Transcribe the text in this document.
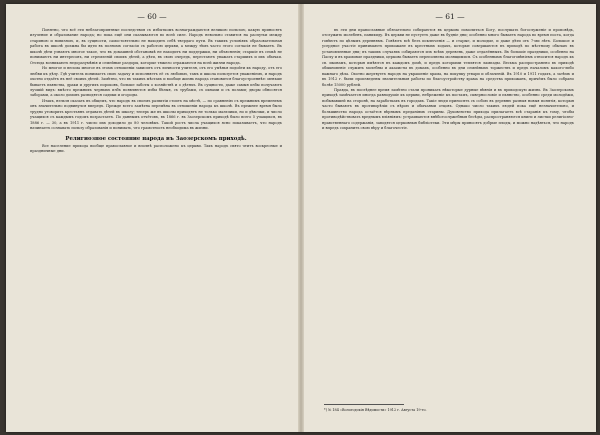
— 60 —

Понятно, что всё эти неблагоприятные последствия съ избыткомъ вознаграждаются великою пользою, какую приносятъ изучение и образование народа; но пока ещё они сказываются во всей силе. Народъ невольно ставится на распутьи между стариною и новизною, и, въ сущности, самостоятельно не находитъ себѣ твердаго пути. Въ такихъ условіяхъ образовательная работа въ школѣ должна бы идти въ полномъ согласіи съ работою церкви, а между тѣмъ часто этого согласія не бываетъ. Въ школѣ дѣти узнаютъ многое такое, что въ домашней обстановкѣ не находитъ ни поддержки, ни объясненія; старшіе въ семьѣ не понимаютъ ни интересовъ, ни стремленій своихъ дѣтей, а дѣти, въ свою очередь, перестаютъ уважать старшихъ и ихъ обычаи. Отсюда возникаютъ недоразумѣнія и семейные раздоры, которые тяжело отражаются на всей жизни народа.

Но многое и весьма многое въ этомъ отношеніи зависитъ отъ личности учителя, отъ его умѣнья подойти къ народу, отъ его любви къ дѣлу. Гдѣ учитель понимаетъ свою задачу и исполняетъ её съ любовью, тамъ и школа пользуется уваженіемъ, и народъ охотно отдаётъ въ неё своихъ дѣтей. Замѣтно, что въ такихъ мѣстахъ и вообще жизнь народа становится благоустроеннѣе: меньше бываетъ пьянства, драки и другихъ пороковъ, больше заботы о хозяйствѣ и о дѣтяхъ. Въ сущности, даже самыя избы получаютъ лучшій видъ: вмѣсто прежнихъ черныхъ избъ появляются избы бѣлыя, съ трубами, съ окнами и съ полами; дворы обносятся заборами, а около домовъ разводятся садики и огороды.

Итакъ, нельзя сказать въ общемъ, что народъ въ своемъ развитіи стоитъ на мѣстѣ, — по сравненію съ прежнимъ временемъ онъ значительно подвинулся впередъ. Прежде всего замѣтна перемѣна въ отношеніи народа къ школѣ. Въ прежнее время было трудно уговорить крестьянъ отдавать дѣтей въ школу; теперь же въ школы приходятъ не только мальчики, но и дѣвочки, и число учащихся съ каждымъ годомъ возрастаетъ. По даннымъ отчётовъ, въ 1866 г. въ Заозерскомъ приходѣ было всего 5 учащихся, въ 1886 г. — 30, а въ 1911 г. число ихъ доходило до 80 человѣкъ. Такой ростъ числа учащихся ясно показываетъ, что народъ начинаетъ сознавать пользу образованія и понимать, что грамотность необходима въ жизни.

Религиозное состояние народа въ Заозерскомъ приходѣ.

Все население прихода вообще православное и вполнѣ расположено къ церкви. Такъ народъ свято чтитъ воскресные и праздничные дни.

— 61 —

въ эти дни православные обязательно собираются въ церковь помолиться Богу, послушать богослуженіе и проповѣдь, отслужить молебенъ, панихиду. Въ церкви не пустуетъ даже въ будніе дни; особенно много бываетъ народа во время поста, когда говѣютъ по цѣлымъ деревнямъ. Говѣютъ всѣ безъ исключенія — и старые, и молодые, и даже дѣти отъ 7-ми лѣтъ. Большое и усердное участіе принимаютъ прихожане въ крестныхъ ходахъ, которые совершаются въ приходѣ по мѣстному обычаю въ установленные дни; въ такихъ случаяхъ собираются изъ всѣхъ деревень, даже отдалённыхъ. Въ большіе праздники, особенно на Пасху и въ храмовые праздники, церковь бываетъ переполнена молящимися. Съ особеннымъ благоговѣніемъ относится народъ къ св. иконамъ, которыя имѣются въ каждомъ домѣ, и предъ которыми теплятся лампады. Весьма распространено въ приходѣ обыкновеніе служить молебны и акаѳисты въ домахъ, особенно въ дни семейныхъ торжествъ и предъ началомъ какого-либо важнаго дѣла. Охотно жертвуетъ народъ на украшеніе храма, на покупку утвари и облаченій. Въ 1910 и 1911 годахъ, а затѣмъ и въ 1912 г. были произведены значительныя работы по благоустройству храма на средства прихожанъ, причёмъ было собрано болѣе 15000 рублей.

Правда, въ послѣднее время замѣтно стали проникать нѣкоторые дурные вѣянія и въ приходскую жизнь. Въ Заозерскомъ приходѣ замѣчается иногда равнодушіе къ церкви, небреженіе къ постамъ, сквернословіе и пьянство, особенно среди молодёжи, побывавшей на сторонѣ, на заработкахъ въ городахъ. Такіе люди приносятъ съ собою въ деревню разныя новыя понятія, которыя часто бываютъ въ противорѣчіи съ вѣрою и обычаями отцовъ. Однако число такихъ людей пока ещё незначительно, и большинство народа остаётся вѣрнымъ преданіямъ старины. Духовенство прихода прилагаетъ всѣ старанія къ тому, чтобы противодѣйствовать вреднымъ вліяніямъ: устраиваются внѣбогослужебныя бесѣды, распространяются книги и листки религіозно-нравственнаго содержанія, заводятся церковныя библіотеки. Эти мѣры приносятъ добрые плоды, и можно надѣяться, что народъ и впредь сохранитъ свою вѣру и благочестіе.

*) № 184 «Вологодскія Вѣдомости» 1912 г. Августа 19-го.
